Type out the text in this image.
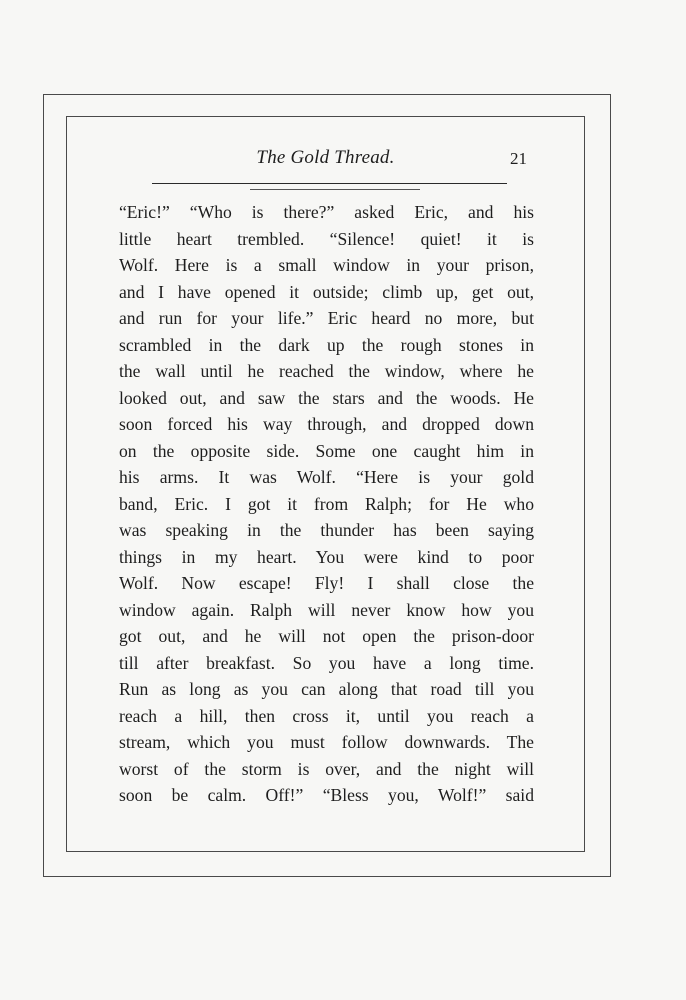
The Gold Thread.	21
“Eric!” “Who is there?” asked Eric, and his
little heart trembled. “Silence! quiet! it is
Wolf. Here is a small window in your prison,
and I have opened it outside; climb up, get out,
and run for your life.” Eric heard no more, but
scrambled in the dark up the rough stones in
the wall until he reached the window, where he
looked out, and saw the stars and the woods. He
soon forced his way through, and dropped down
on the opposite side. Some one caught him in
his arms. It was Wolf. “Here is your gold
band, Eric. I got it from Ralph; for He who
was speaking in the thunder has been saying
things in my heart. You were kind to poor
Wolf. Now escape! Fly! I shall close the
window again. Ralph will never know how you
got out, and he will not open the prison-door
till after breakfast. So you have a long time.
Run as long as you can along that road till you
reach a hill, then cross it, until you reach a
stream, which you must follow downwards. The
worst of the storm is over, and the night will
soon be calm. Off!” “Bless you, Wolf!” said
